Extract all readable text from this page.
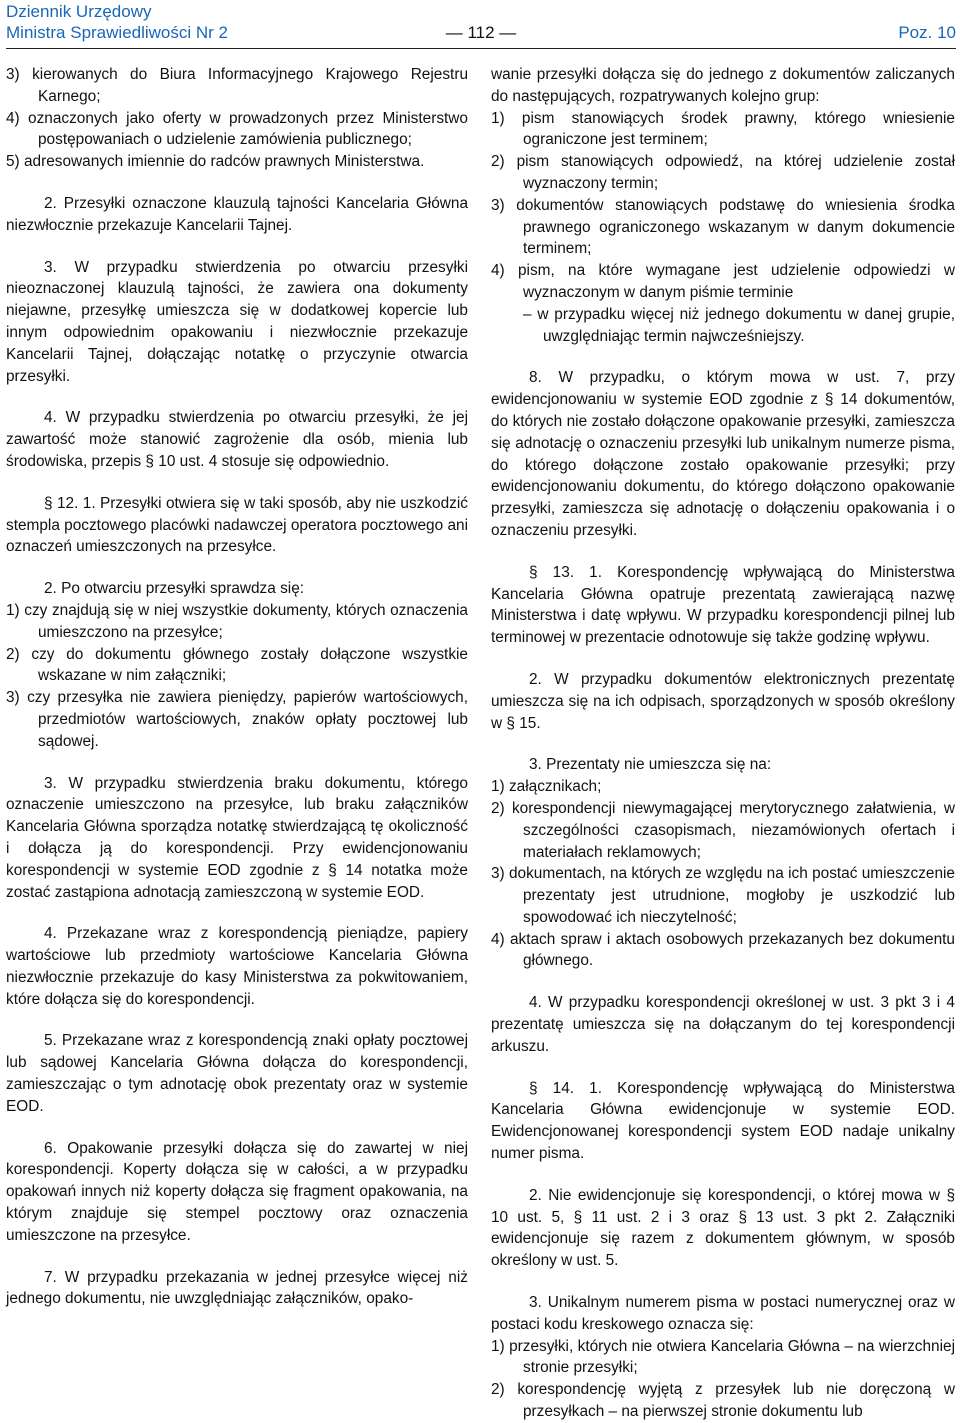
Dziennik Urzędowy
Ministra Sprawiedliwości Nr 2	— 112 —	Poz. 10

3) kierowanych do Biura Informacyjnego Krajowego Rejestru Karnego;

4) oznaczonych jako oferty w prowadzonych przez Ministerstwo postępowaniach o udzielenie zamówienia publicznego;

5) adresowanych imiennie do radców prawnych Ministerstwa.

2. Przesyłki oznaczone klauzulą tajności Kancelaria Główna niezwłocznie przekazuje Kancelarii Tajnej.

3. W przypadku stwierdzenia po otwarciu przesyłki nieoznaczonej klauzulą tajności, że zawiera ona dokumenty niejawne, przesyłkę umieszcza się w dodatkowej kopercie lub innym odpowiednim opakowaniu i niezwłocznie przekazuje Kancelarii Tajnej, dołączając notatkę o przyczynie otwarcia przesyłki.

4. W przypadku stwierdzenia po otwarciu przesyłki, że jej zawartość może stanowić zagrożenie dla osób, mienia lub środowiska, przepis § 10 ust. 4 stosuje się odpowiednio.

§ 12. 1. Przesyłki otwiera się w taki sposób, aby nie uszkodzić stempla pocztowego placówki nadawczej operatora pocztowego ani oznaczeń umieszczonych na przesyłce.

2. Po otwarciu przesyłki sprawdza się:

1) czy znajdują się w niej wszystkie dokumenty, których oznaczenia umieszczono na przesyłce;

2) czy do dokumentu głównego zostały dołączone wszystkie wskazane w nim załączniki;

3) czy przesyłka nie zawiera pieniędzy, papierów wartościowych, przedmiotów wartościowych, znaków opłaty pocztowej lub sądowej.

3. W przypadku stwierdzenia braku dokumentu, którego oznaczenie umieszczono na przesyłce, lub braku załączników Kancelaria Główna sporządza notatkę stwierdzającą tę okoliczność i dołącza ją do korespondencji. Przy ewidencjonowaniu korespondencji w systemie EOD zgodnie z § 14 notatka może zostać zastąpiona adnotacją zamieszczoną w systemie EOD.

4. Przekazane wraz z korespondencją pieniądze, papiery wartościowe lub przedmioty wartościowe Kancelaria Główna niezwłocznie przekazuje do kasy Ministerstwa za pokwitowaniem, które dołącza się do korespondencji.

5. Przekazane wraz z korespondencją znaki opłaty pocztowej lub sądowej Kancelaria Główna dołącza do korespondencji, zamieszczając o tym adnotację obok prezentaty oraz w systemie EOD.

6. Opakowanie przesyłki dołącza się do zawartej w niej korespondencji. Koperty dołącza się w całości, a w przypadku opakowań innych niż koperty dołącza się fragment opakowania, na którym znajduje się stempel pocztowy oraz oznaczenia umieszczone na przesyłce.

7. W przypadku przekazania w jednej przesyłce więcej niż jednego dokumentu, nie uwzględniając załączników, opako-

wanie przesyłki dołącza się do jednego z dokumentów zaliczanych do następujących, rozpatrywanych kolejno grup:

1) pism stanowiących środek prawny, którego wniesienie ograniczone jest terminem;

2) pism stanowiących odpowiedź, na której udzielenie został wyznaczony termin;

3) dokumentów stanowiących podstawę do wniesienia środka prawnego ograniczonego wskazanym w danym dokumencie terminem;

4) pism, na które wymagane jest udzielenie odpowiedzi w wyznaczonym w danym piśmie terminie

– w przypadku więcej niż jednego dokumentu w danej grupie, uwzględniając termin najwcześniejszy.

8. W przypadku, o którym mowa w ust. 7, przy ewidencjonowaniu w systemie EOD zgodnie z § 14 dokumentów, do których nie zostało dołączone opakowanie przesyłki, zamieszcza się adnotację o oznaczeniu przesyłki lub unikalnym numerze pisma, do którego dołączone zostało opakowanie przesyłki; przy ewidencjonowaniu dokumentu, do którego dołączono opakowanie przesyłki, zamieszcza się adnotację o dołączeniu opakowania i o oznaczeniu przesyłki.

§ 13. 1. Korespondencję wpływającą do Ministerstwa Kancelaria Główna opatruje prezentatą zawierającą nazwę Ministerstwa i datę wpływu. W przypadku korespondencji pilnej lub terminowej w prezentacie odnotowuje się także godzinę wpływu.

2. W przypadku dokumentów elektronicznych prezentatę umieszcza się na ich odpisach, sporządzonych w sposób określony w § 15.

3. Prezentaty nie umieszcza się na:

1) załącznikach;

2) korespondencji niewymagającej merytorycznego załatwienia, w szczególności czasopismach, niezamówionych ofertach i materiałach reklamowych;

3) dokumentach, na których ze względu na ich postać umieszczenie prezentaty jest utrudnione, mogłoby je uszkodzić lub spowodować ich nieczytelność;

4) aktach spraw i aktach osobowych przekazanych bez dokumentu głównego.

4. W przypadku korespondencji określonej w ust. 3 pkt 3 i 4 prezentatę umieszcza się na dołączanym do tej korespondencji arkuszu.

§ 14. 1. Korespondencję wpływającą do Ministerstwa Kancelaria Główna ewidencjonuje w systemie EOD. Ewidencjonowanej korespondencji system EOD nadaje unikalny numer pisma.

2. Nie ewidencjonuje się korespondencji, o której mowa w § 10 ust. 5, § 11 ust. 2 i 3 oraz § 13 ust. 3 pkt 2. Załączniki ewidencjonuje się razem z dokumentem głównym, w sposób określony w ust. 5.

3. Unikalnym numerem pisma w postaci numerycznej oraz w postaci kodu kreskowego oznacza się:

1) przesyłki, których nie otwiera Kancelaria Główna – na wierzchniej stronie przesyłki;

2) korespondencję wyjętą z przesyłek lub nie doręczoną w przesyłkach – na pierwszej stronie dokumentu lub
